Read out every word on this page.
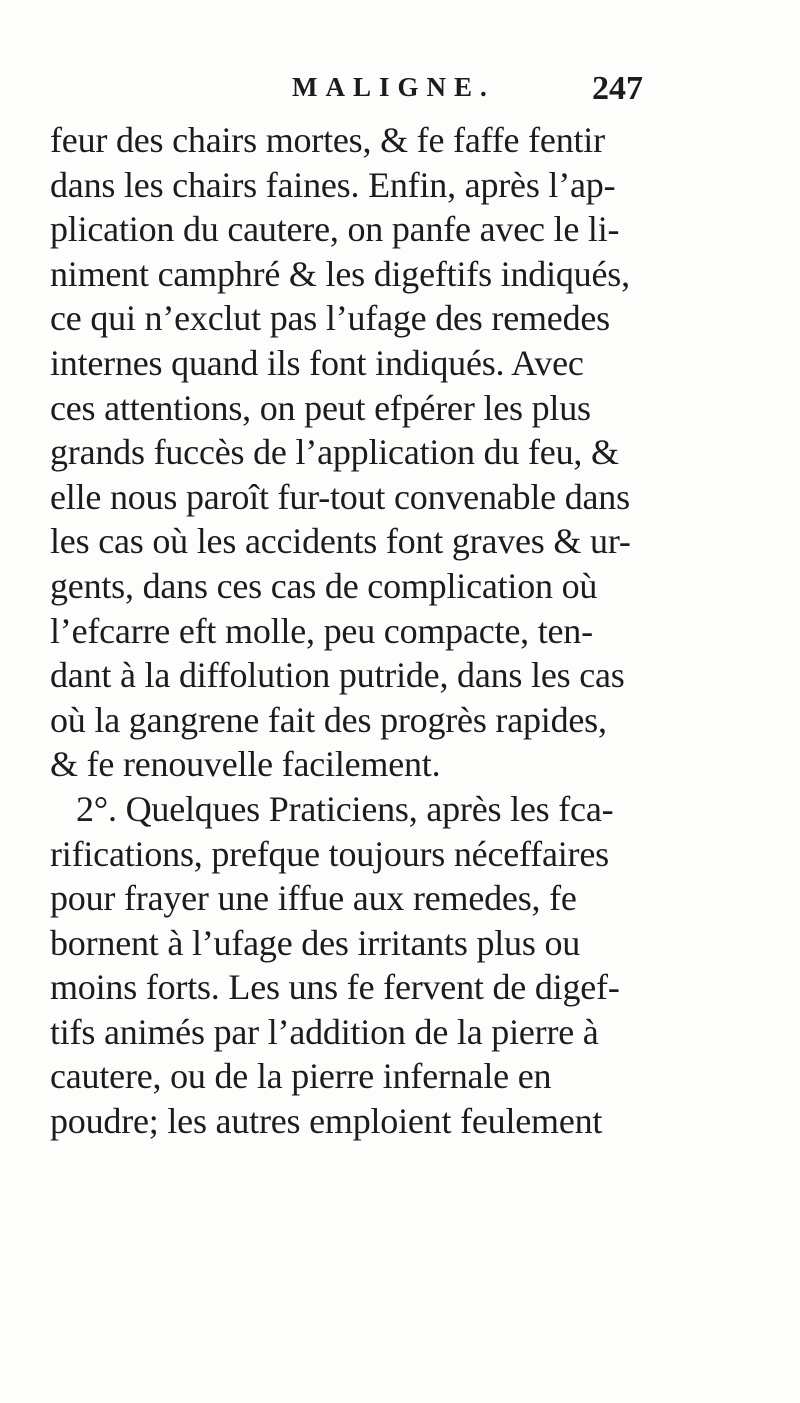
MALIGNE.	247
feur des chairs mortes, & fe faffe fentir
dans les chairs faines. Enfin, après l’ap-
plication du cautere, on panfe avec le li-
niment camphré & les digeftifs indiqués,
ce qui n’exclut pas l’ufage des remedes
internes quand ils font indiqués. Avec
ces attentions, on peut efpérer les plus
grands fuccès de l’application du feu, &
elle nous paroît fur-tout convenable dans
les cas où les accidents font graves & ur-
gents, dans ces cas de complication où
l’efcarre eft molle, peu compacte, ten-
dant à la diffolution putride, dans les cas
où la gangrene fait des progrès rapides,
& fe renouvelle facilement.
2°. Quelques Praticiens, après les fca-
rifications, prefque toujours néceffaires
pour frayer une iffue aux remedes, fe
bornent à l’ufage des irritants plus ou
moins forts. Les uns fe fervent de digef-
tifs animés par l’addition de la pierre à
cautere, ou de la pierre infernale en
poudre; les autres emploient feulement
